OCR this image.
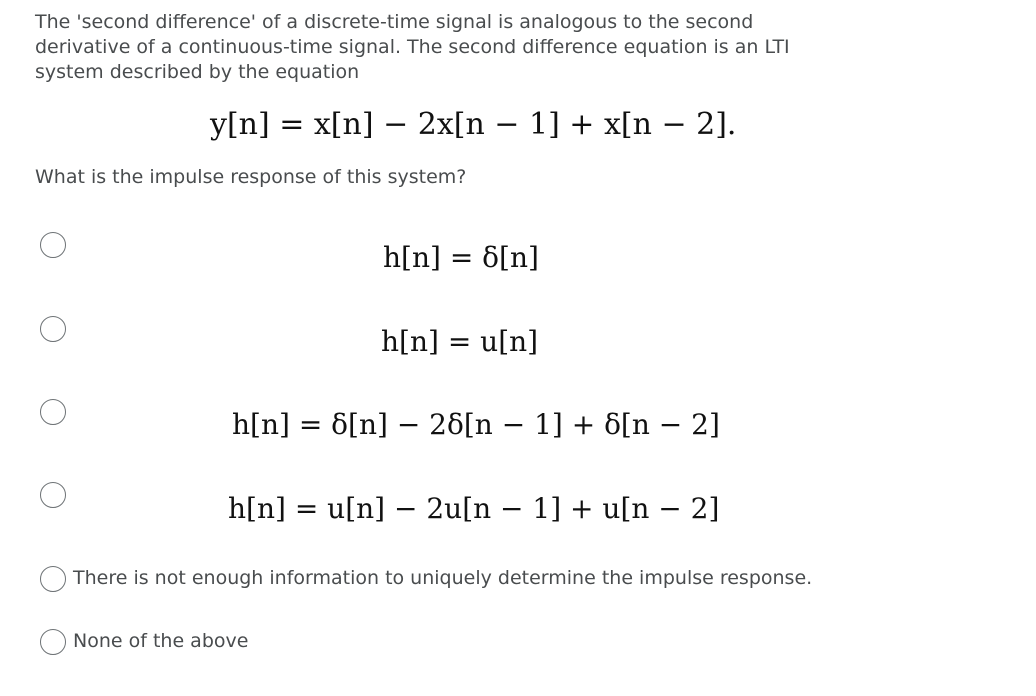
The 'second difference' of a discrete-time signal is analogous to the second derivative of a continuous-time signal. The second difference equation is an LTI system described by the equation

y[n] = x[n] − 2x[n − 1] + x[n − 2].

What is the impulse response of this system?

h[n] = δ[n]
h[n] = u[n]
h[n] = δ[n] − 2δ[n − 1] + δ[n − 2]
h[n] = u[n] − 2u[n − 1] + u[n − 2]

There is not enough information to uniquely determine the impulse response.

None of the above
